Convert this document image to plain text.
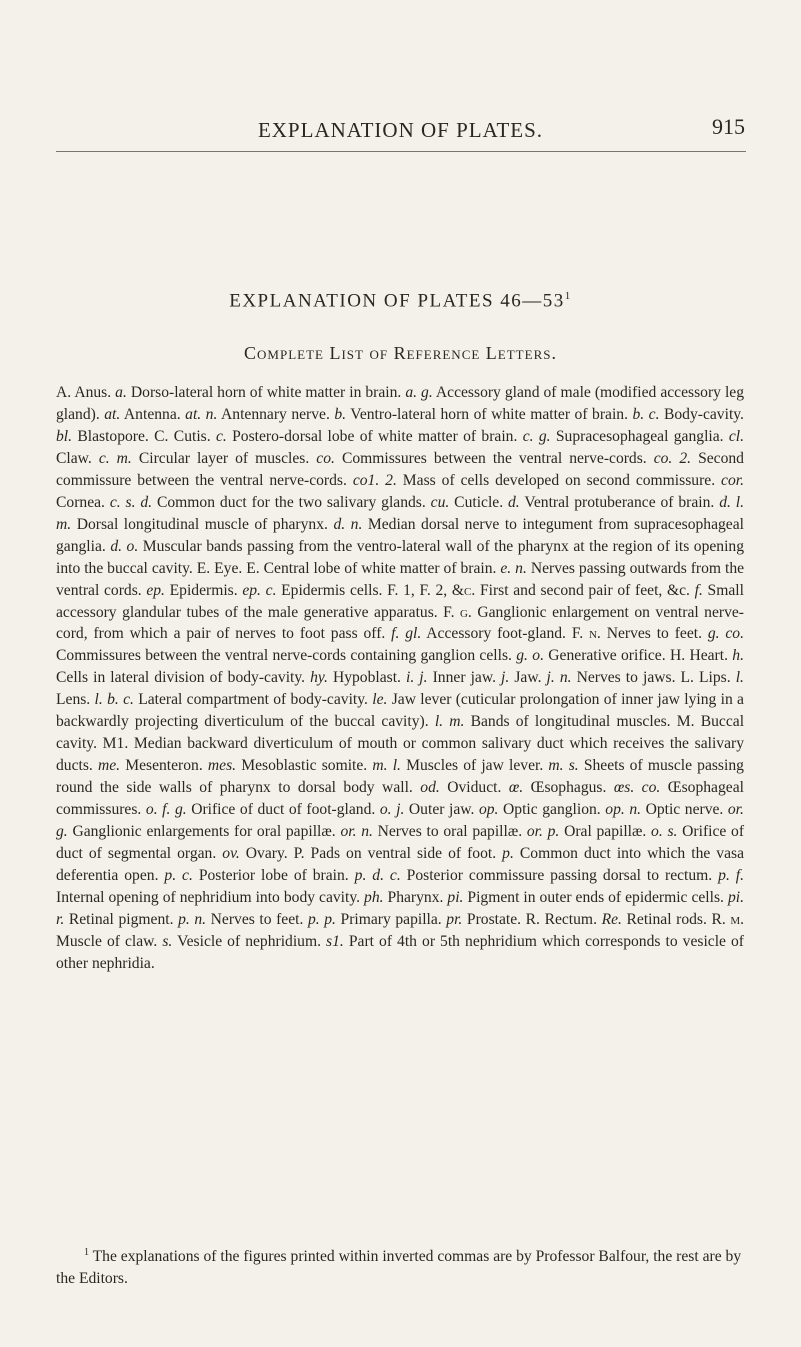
EXPLANATION OF PLATES.	915
EXPLANATION OF PLATES $46—53^1$
Complete List of Reference Letters.
A. Anus. a. Dorso-lateral horn of white matter in brain. a. g. Accessory gland of male (modified accessory leg gland). at. Antenna. at. n. Antennary nerve. b. Ventro-lateral horn of white matter of brain. b. c. Body-cavity. bl. Blastopore. C. Cutis. c. Postero-dorsal lobe of white matter of brain. c. g. Supracesophageal ganglia. cl. Claw. c. m. Circular layer of muscles. co. Commissures between the ventral nerve-cords. co. 2. Second commissure between the ventral nerve-cords. co1. 2. Mass of cells developed on second commissure. cor. Cornea. c. s. d. Common duct for the two salivary glands. cu. Cuticle. d. Ventral protuberance of brain. d. l. m. Dorsal longitudinal muscle of pharynx. d. n. Median dorsal nerve to integument from supracesophageal ganglia. d. o. Muscular bands passing from the ventro-lateral wall of the pharynx at the region of its opening into the buccal cavity. E. Eye. E. Central lobe of white matter of brain. e. n. Nerves passing outwards from the ventral cords. ep. Epidermis. ep. c. Epidermis cells. F. 1, F. 2, &c. First and second pair of feet, &c. f. Small accessory glandular tubes of the male generative apparatus. F. g. Ganglionic enlargement on ventral nerve-cord, from which a pair of nerves to foot pass off. f. gl. Accessory foot-gland. F. n. Nerves to feet. g. co. Commissures between the ventral nerve-cords containing ganglion cells. g. o. Generative orifice. H. Heart. h. Cells in lateral division of body-cavity. hy. Hypoblast. i. j. Inner jaw. j. Jaw. j. n. Nerves to jaws. L. Lips. l. Lens. l. b. c. Lateral compartment of body-cavity. le. Jaw lever (cuticular prolongation of inner jaw lying in a backwardly projecting diverticulum of the buccal cavity). l. m. Bands of longitudinal muscles. M. Buccal cavity. M1. Median backward diverticulum of mouth or common salivary duct which receives the salivary ducts. me. Mesenteron. mes. Mesoblastic somite. m. l. Muscles of jaw lever. m. s. Sheets of muscle passing round the side walls of pharynx to dorsal body wall. od. Oviduct. œ. Œsophagus. œs. co. Œsophageal commissures. o. f. g. Orifice of duct of foot-gland. o. j. Outer jaw. op. Optic ganglion. op. n. Optic nerve. or. g. Ganglionic enlargements for oral papillæ. or. n. Nerves to oral papillæ. or. p. Oral papillæ. o. s. Orifice of duct of segmental organ. ov. Ovary. P. Pads on ventral side of foot. p. Common duct into which the vasa deferentia open. p. c. Posterior lobe of brain. p. d. c. Posterior commissure passing dorsal to rectum. p. f. Internal opening of nephridium into body cavity. ph. Pharynx. pi. Pigment in outer ends of epidermic cells. pi. r. Retinal pigment. p. n. Nerves to feet. p. p. Primary papilla. pr. Prostate. R. Rectum. Re. Retinal rods. R. m. Muscle of claw. s. Vesicle of nephridium. s1. Part of 4th or 5th nephridium which corresponds to vesicle of other nephridia.
$^1$ The explanations of the figures printed within inverted commas are by Professor Balfour, the rest are by the Editors.
